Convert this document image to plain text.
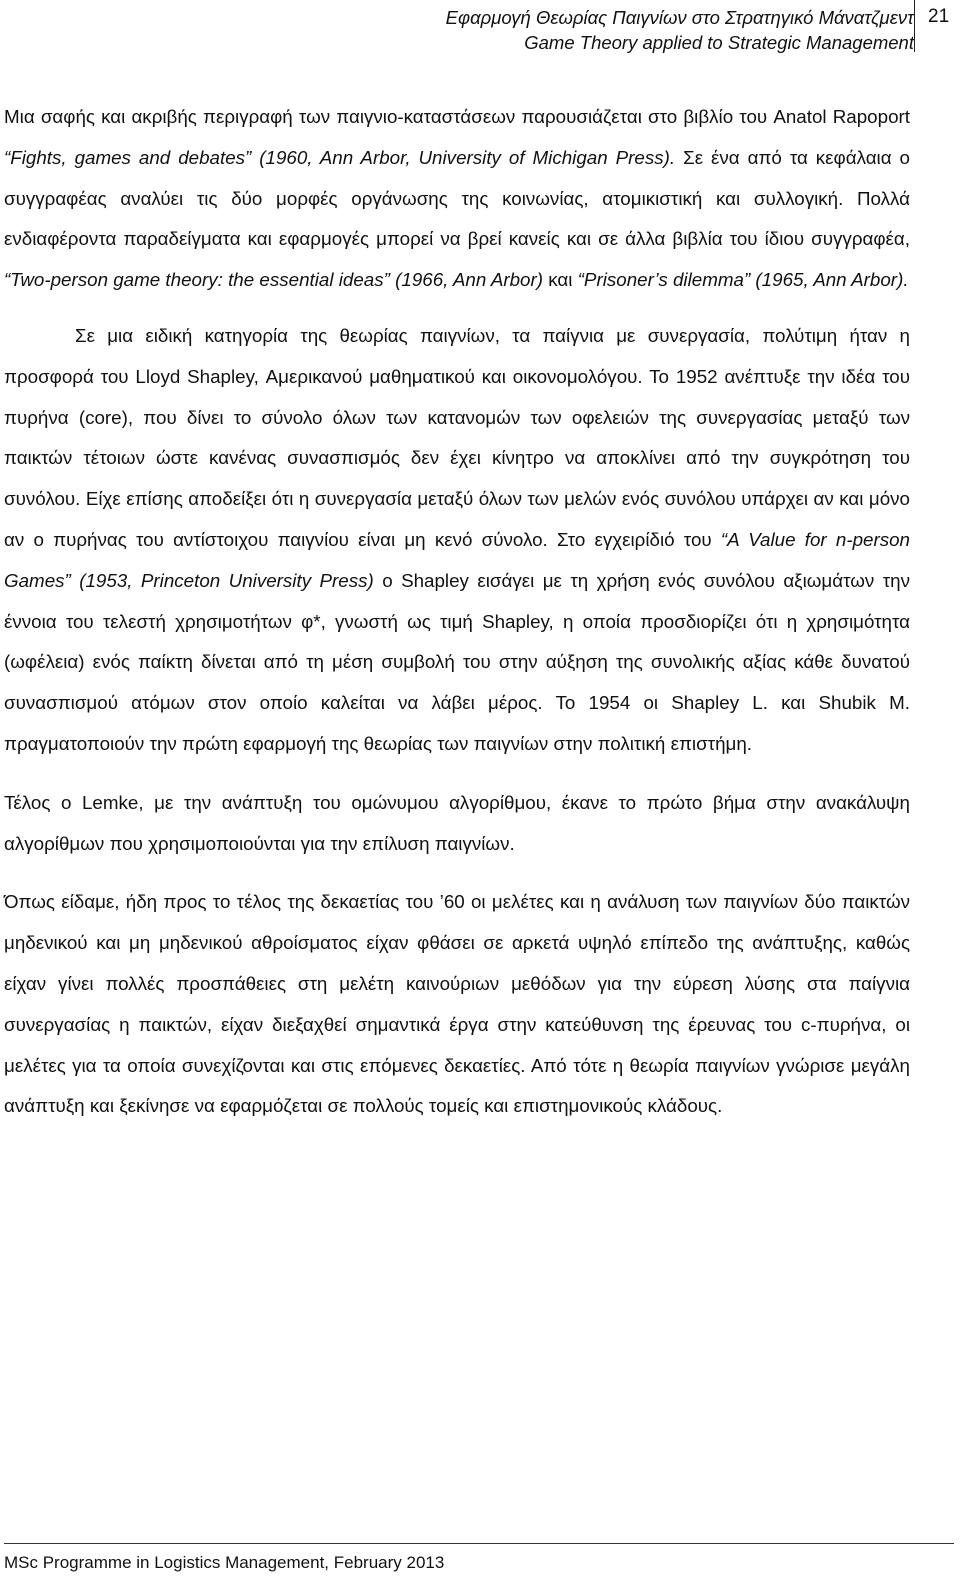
Εφαρμογή Θεωρίας Παιγνίων στο Στρατηγικό Μάνατζμεντ
Game Theory applied to Strategic Management
21

Μια σαφής και ακριβής περιγραφή των παιγνιο-καταστάσεων παρουσιάζεται στο βιβλίο του Anatol Rapoport “Fights, games and debates” (1960, Ann Arbor, University of Michigan Press). Σε ένα από τα κεφάλαια ο συγγραφέας αναλύει τις δύο μορφές οργάνωσης της κοινωνίας, ατομικιστική και συλλογική. Πολλά ενδιαφέροντα παραδείγματα και εφαρμογές μπορεί να βρεί κανείς και σε άλλα βιβλία του ίδιου συγγραφέα, “Two-person game theory: the essential ideas” (1966, Ann Arbor) και “Prisoner’s dilemma” (1965, Ann Arbor).

Σε μια ειδική κατηγορία της θεωρίας παιγνίων, τα παίγνια με συνεργασία, πολύτιμη ήταν η προσφορά του Lloyd Shapley, Αμερικανού μαθηματικού και οικονομολόγου. Το 1952 ανέπτυξε την ιδέα του πυρήνα (core), που δίνει το σύνολο όλων των κατανομών των οφελειών της συνεργασίας μεταξύ των παικτών τέτοιων ώστε κανένας συνασπισμός δεν έχει κίνητρο να αποκλίνει από την συγκρότηση του συνόλου. Είχε επίσης αποδείξει ότι η συνεργασία μεταξύ όλων των μελών ενός συνόλου υπάρχει αν και μόνο αν ο πυρήνας του αντίστοιχου παιγνίου είναι μη κενό σύνολο. Στο εγχειρίδιό του “A Value for n-person Games” (1953, Princeton University Press) ο Shapley εισάγει με τη χρήση ενός συνόλου αξιωμάτων την έννοια του τελεστή χρησιμοτήτων φ*, γνωστή ως τιμή Shapley, η οποία προσδιορίζει ότι η χρησιμότητα (ωφέλεια) ενός παίκτη δίνεται από τη μέση συμβολή του στην αύξηση της συνολικής αξίας κάθε δυνατού συνασπισμού ατόμων στον οποίο καλείται να λάβει μέρος. Το 1954 οι Shapley L. και Shubik M. πραγματοποιούν την πρώτη εφαρμογή της θεωρίας των παιγνίων στην πολιτική επιστήμη.

Τέλος ο Lemke, με την ανάπτυξη του ομώνυμου αλγορίθμου, έκανε το πρώτο βήμα στην ανακάλυψη αλγορίθμων που χρησιμοποιούνται για την επίλυση παιγνίων.

Όπως είδαμε, ήδη προς το τέλος της δεκαετίας του ’60 οι μελέτες και η ανάλυση των παιγνίων δύο παικτών μηδενικού και μη μηδενικού αθροίσματος είχαν φθάσει σε αρκετά υψηλό επίπεδο της ανάπτυξης, καθώς είχαν γίνει πολλές προσπάθειες στη μελέτη καινούριων μεθόδων για την εύρεση λύσης στα παίγνια συνεργασίας η παικτών, είχαν διεξαχθεί σημαντικά έργα στην κατεύθυνση της έρευνας του c-πυρήνα, οι μελέτες για τα οποία συνεχίζονται και στις επόμενες δεκαετίες. Από τότε η θεωρία παιγνίων γνώρισε μεγάλη ανάπτυξη και ξεκίνησε να εφαρμόζεται σε πολλούς τομείς και επιστημονικούς κλάδους.

MSc Programme in Logistics Management, February 2013
